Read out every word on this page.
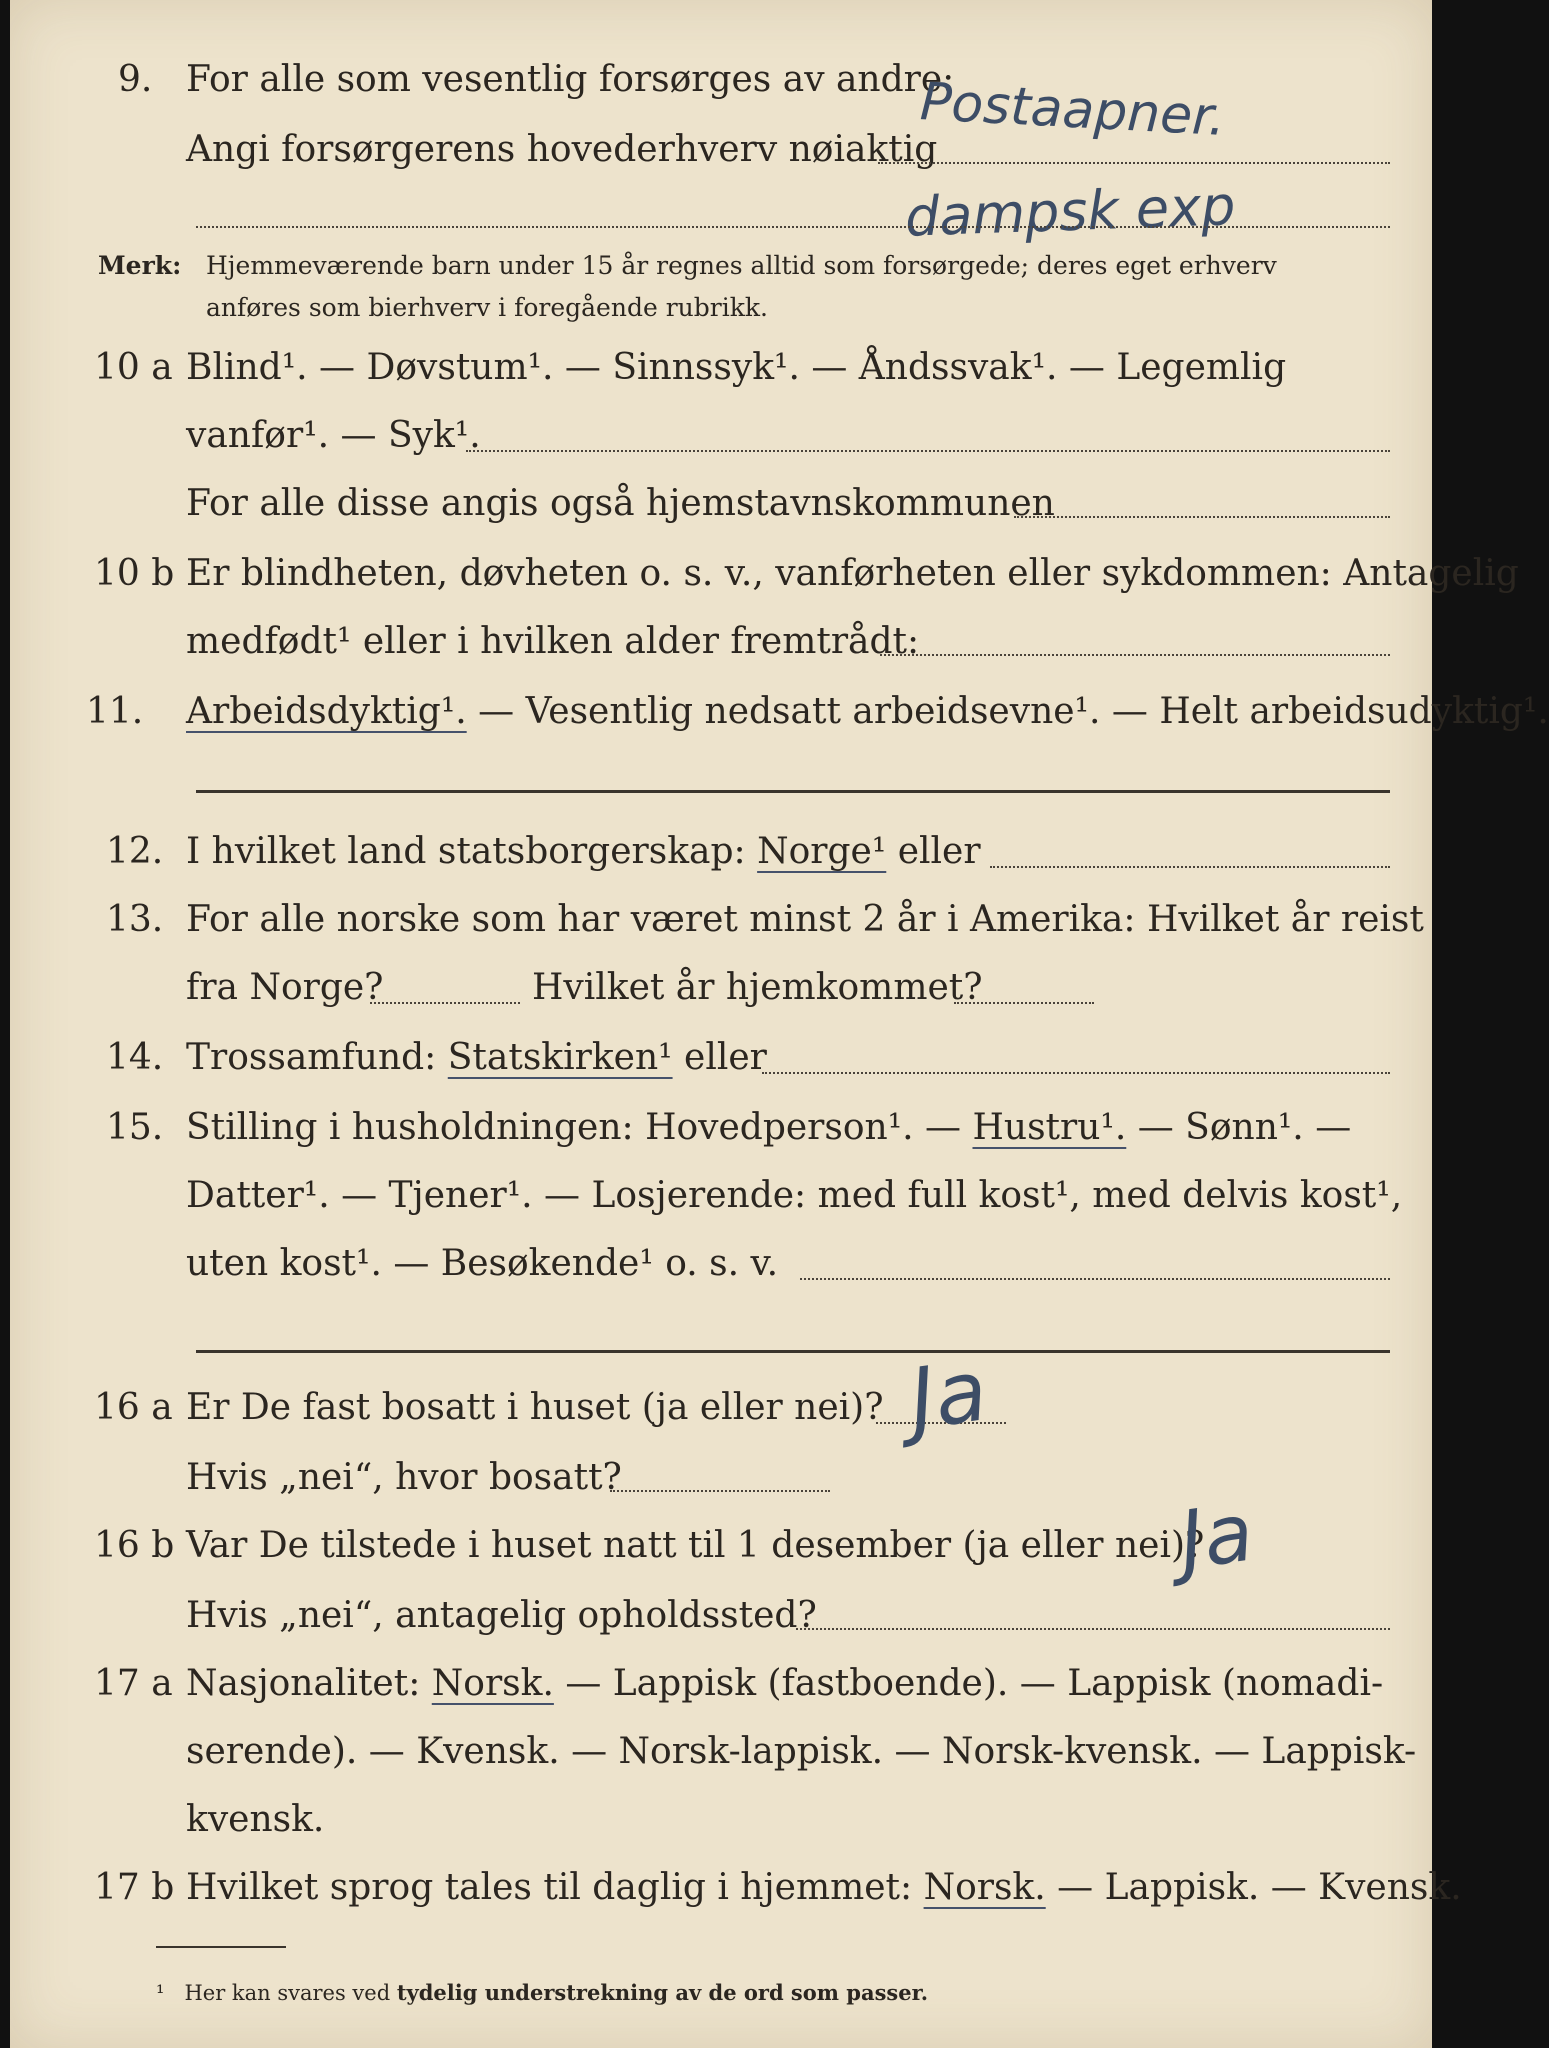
9. For alle som vesentlig forsørges av andre:
Postaapner.
Angi forsørgerens hovederhverv nøiaktig
dampsk exp
Merk: Hjemmeværende barn under 15 år regnes alltid som forsørgede; deres eget erhverv
anføres som bierhverv i foregående rubrikk.
10 a Blind¹. — Døvstum¹. — Sinnssyk¹. — Åndssvak¹. — Legemlig
vanfør¹. — Syk¹.
For alle disse angis også hjemstavnskommunen
10 b Er blindheten, døvheten o. s. v., vanførheten eller sykdommen: Antagelig
medfødt¹ eller i hvilken alder fremtrådt:
11. Arbeidsdyktig¹. — Vesentlig nedsatt arbeidsevne¹. — Helt arbeidsudyktig¹.
12. I hvilket land statsborgerskap: Norge¹ eller
13. For alle norske som har været minst 2 år i Amerika: Hvilket år reist
fra Norge?	Hvilket år hjemkommet?
14. Trossamfund: Statskirken¹ eller
15. Stilling i husholdningen: Hovedperson¹. — Hustru¹. — Sønn¹. —
Datter¹. — Tjener¹. — Losjerende: med full kost¹, med delvis kost¹,
uten kost¹. — Besøkende¹ o. s. v.
16 a Er De fast bosatt i huset (ja eller nei)? Ja
Hvis „nei“, hvor bosatt?
16 b Var De tilstede i huset natt til 1 desember (ja eller nei)?
Ja
Hvis „nei“, antagelig opholdssted?
17 a Nasjonalitet: Norsk. — Lappisk (fastboende). — Lappisk (nomadi-
serende). — Kvensk. — Norsk-lappisk. — Norsk-kvensk. — Lappisk-
kvensk.
17 b Hvilket sprog tales til daglig i hjemmet: Norsk. — Lappisk. — Kvensk.
¹ Her kan svares ved tydelig understrekning av de ord som passer.
